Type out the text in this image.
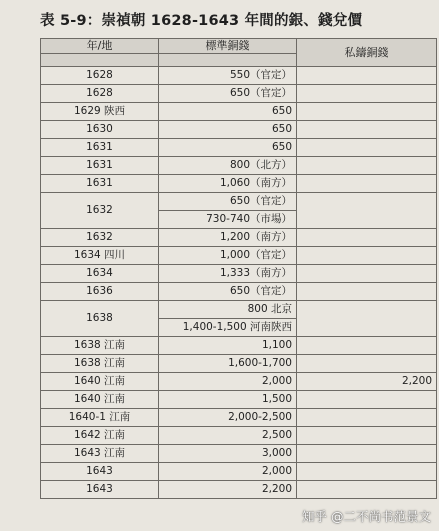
表 5-9：崇禎朝 1628-1643 年間的銀、錢兌價
年/地	標準銅錢	私鑄銅錢

1628	550（官定）	
1628	650（官定）	
1629 陝西	650	
1630	650	
1631	650	
1631	800（北方）	
1631	1,060（南方）	
1632	650（官定）	
	730-740（市場）	
1632	1,200（南方）	
1634 四川	1,000（官定）	
1634	1,333（南方）	
1636	650（官定）	
1638	800 北京	
	1,400-1,500 河南陝西	
1638 江南	1,100	
1638 江南	1,600-1,700	
1640 江南	2,000	2,200
1640 江南	1,500	
1640-1 江南	2,000-2,500	
1642 江南	2,500	
1643 江南	3,000	
1643	2,000	
1643	2,200	
知乎 @二不尚书范景文
